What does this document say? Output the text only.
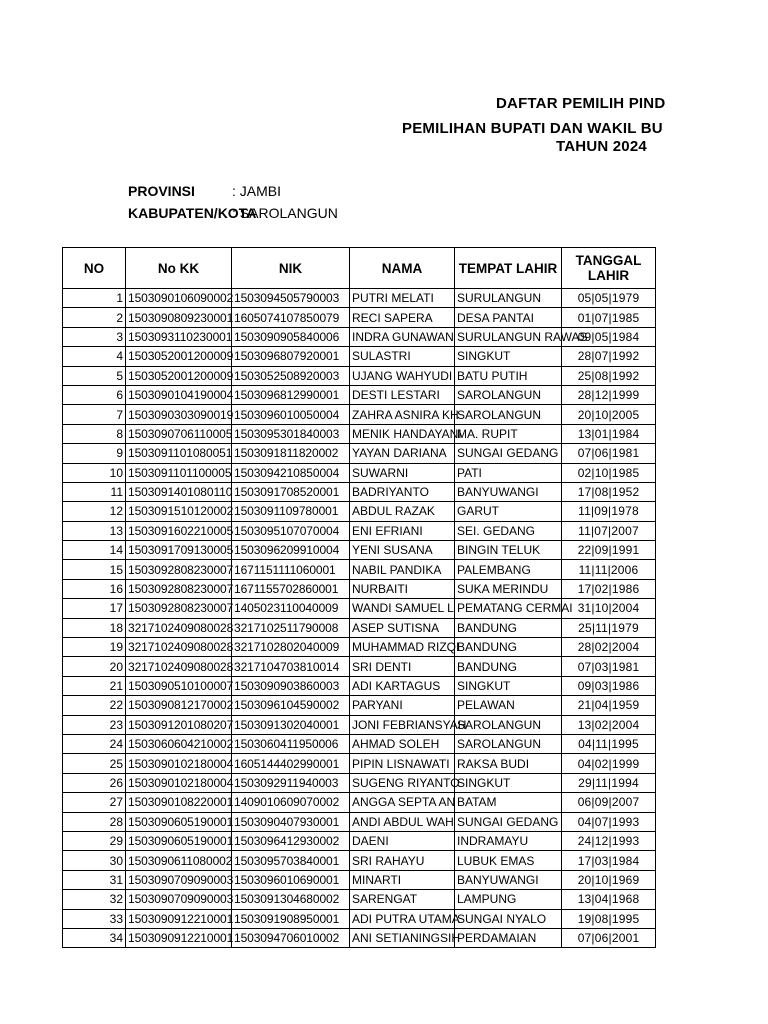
DAFTAR PEMILIH PIND
PEMILIHAN BUPATI DAN WAKIL BU
TAHUN 2024
PROVINSI	: JAMBI
KABUPATEN/KOTA: SAROLANGUN
NO	No KK	NIK	NAMA	TEMPAT LAHIR	TANGGAL LAHIR
1	1503090106090002	1503094505790003	PUTRI MELATI	SURULANGUN	05|05|1979
2	1503090809230001	1605074107850079	RECI SAPERA	DESA PANTAI	01|07|1985
3	1503093110230001	1503090905840006	INDRA GUNAWAN	SURULANGUN RAWAS	09|05|1984
4	1503052001200009	1503096807920001	SULASTRI	SINGKUT	28|07|1992
5	1503052001200009	1503052508920003	UJANG WAHYUDI	BATU PUTIH	25|08|1992
6	1503090104190004	1503096812990001	DESTI LESTARI	SAROLANGUN	28|12|1999
7	1503090303090019	1503096010050004	ZAHRA ASNIRA KH	SAROLANGUN	20|10|2005
8	1503090706110005	1503095301840003	MENIK HANDAYANI	MA. RUPIT	13|01|1984
9	1503091101080051	1503091811820002	YAYAN DARIANA	SUNGAI GEDANG	07|06|1981
10	1503091101100005	1503094210850004	SUWARNI	PATI	02|10|1985
11	1503091401080110	1503091708520001	BADRIYANTO	BANYUWANGI	17|08|1952
12	1503091510120002	1503091109780001	ABDUL RAZAK	GARUT	11|09|1978
13	1503091602210005	1503095107070004	ENI EFRIANI	SEI. GEDANG	11|07|2007
14	1503091709130005	1503096209910004	YENI SUSANA	BINGIN TELUK	22|09|1991
15	1503092808230007	1671151111060001	NABIL PANDIKA	PALEMBANG	11|11|2006
16	1503092808230007	1671155702860001	NURBAITI	SUKA MERINDU	17|02|1986
17	1503092808230007	1405023110040009	WANDI SAMUEL L	PEMATANG CERMAI	31|10|2004
18	3217102409080028	3217102511790008	ASEP SUTISNA	BANDUNG	25|11|1979
19	3217102409080028	3217102802040009	MUHAMMAD RIZQI	BANDUNG	28|02|2004
20	3217102409080028	3217104703810014	SRI DENTI	BANDUNG	07|03|1981
21	1503090510100007	1503090903860003	ADI KARTAGUS	SINGKUT	09|03|1986
22	1503090812170002	1503096104590002	PARYANI	PELAWAN	21|04|1959
23	1503091201080207	1503091302040001	JONI FEBRIANSYAH	SAROLANGUN	13|02|2004
24	1503060604210002	1503060411950006	AHMAD SOLEH	SAROLANGUN	04|11|1995
25	1503090102180004	1605144402990001	PIPIN LISNAWATI	RAKSA BUDI	04|02|1999
26	1503090102180004	1503092911940003	SUGENG RIYANTO	SINGKUT	29|11|1994
27	1503090108220001	1409010609070002	ANGGA SEPTA AN	BATAM	06|09|2007
28	1503090605190001	1503090407930001	ANDI ABDUL WAH	SUNGAI GEDANG	04|07|1993
29	1503090605190001	1503096412930002	DAENI	INDRAMAYU	24|12|1993
30	1503090611080002	1503095703840001	SRI RAHAYU	LUBUK EMAS	17|03|1984
31	1503090709090003	1503096010690001	MINARTI	BANYUWANGI	20|10|1969
32	1503090709090003	1503091304680002	SARENGAT	LAMPUNG	13|04|1968
33	1503090912210001	1503091908950001	ADI PUTRA UTAMA	SUNGAI NYALO	19|08|1995
34	1503090912210001	1503094706010002	ANI SETIANINGSIH	PERDAMAIAN	07|06|2001
